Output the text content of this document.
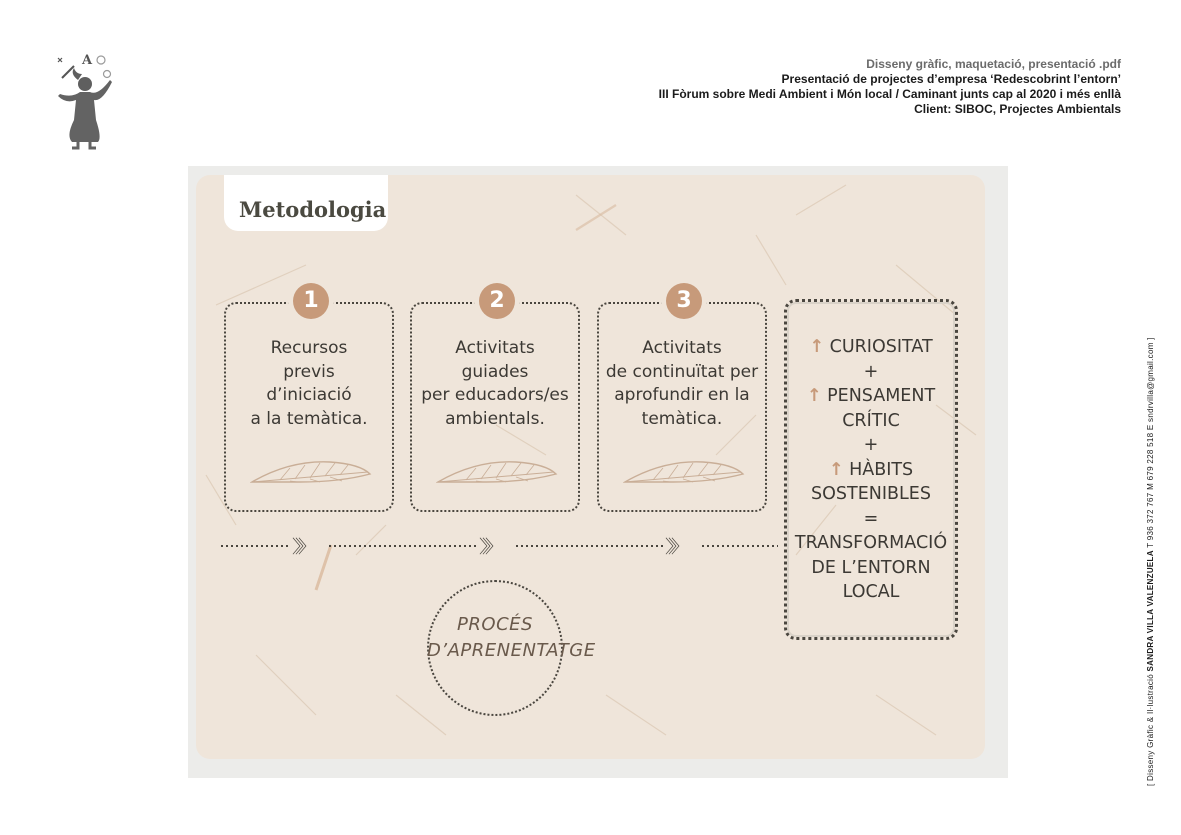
A	Disseny gràfic, maquetació, presentació .pdf
Presentació de projectes d’empresa ‘Redescobrint l’entorn’
III Fòrum sobre Medi Ambient i Món local / Caminant junts cap al 2020 i més enllà
Client: SIBOC, Projectes Ambientals
[ Disseny Gràfic & Il·lustració SANDRA VILLA VALENZUELA T 936 372 767 M 679 228 518 E sndrvilla@gmail.com ]
Metodologia
1
Recursos
previs
d’iniciació
a la temàtica.
2
Activitats
guiades
per educadors/es
ambientals.
3
Activitats
de continuïtat per
aprofundir en la
temàtica.
↑ CURIOSITAT
+
↑ PENSAMENT
CRÍTIC
+
↑ HÀBITS
SOSTENIBLES
=
TRANSFORMACIÓ
DE L’ENTORN
LOCAL
〉〉〉	〉〉〉	〉〉〉
PROCÉS
D’APRENENTATGE
